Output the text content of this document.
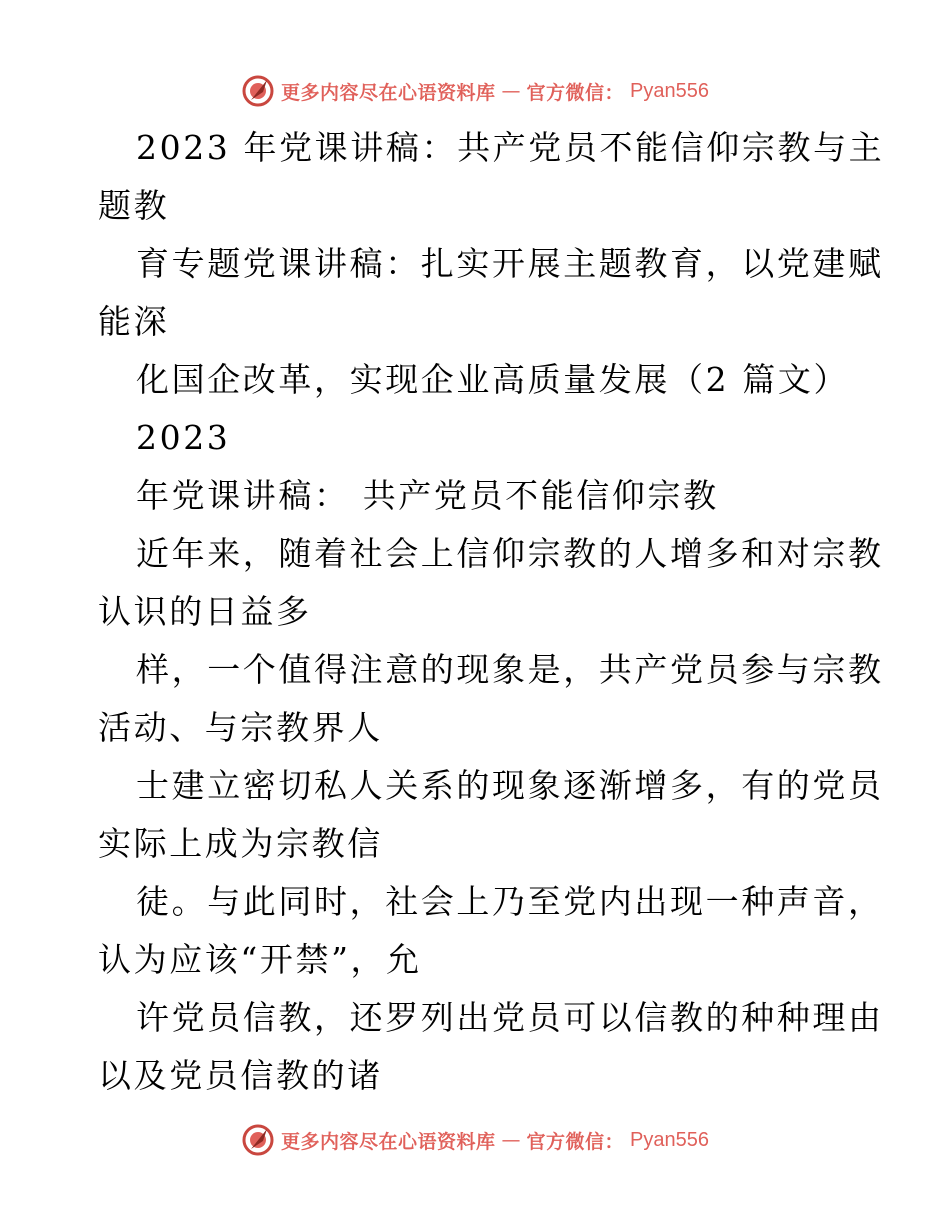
更多内容尽在心语资料库 — 官方微信： Pyan556
2023 年党课讲稿：共产党员不能信仰宗教与主
题教
育专题党课讲稿：扎实开展主题教育，以党建赋
能深
化国企改革，实现企业高质量发展（2 篇文）
2023
年党课讲稿： 共产党员不能信仰宗教
近年来，随着社会上信仰宗教的人增多和对宗教
认识的日益多
样，一个值得注意的现象是，共产党员参与宗教
活动、与宗教界人
士建立密切私人关系的现象逐渐增多，有的党员
实际上成为宗教信
徒。与此同时，社会上乃至党内出现一种声音，
认为应该“开禁”，允
许党员信教，还罗列出党员可以信教的种种理由
以及党员信教的诸
更多内容尽在心语资料库 — 官方微信： Pyan556
